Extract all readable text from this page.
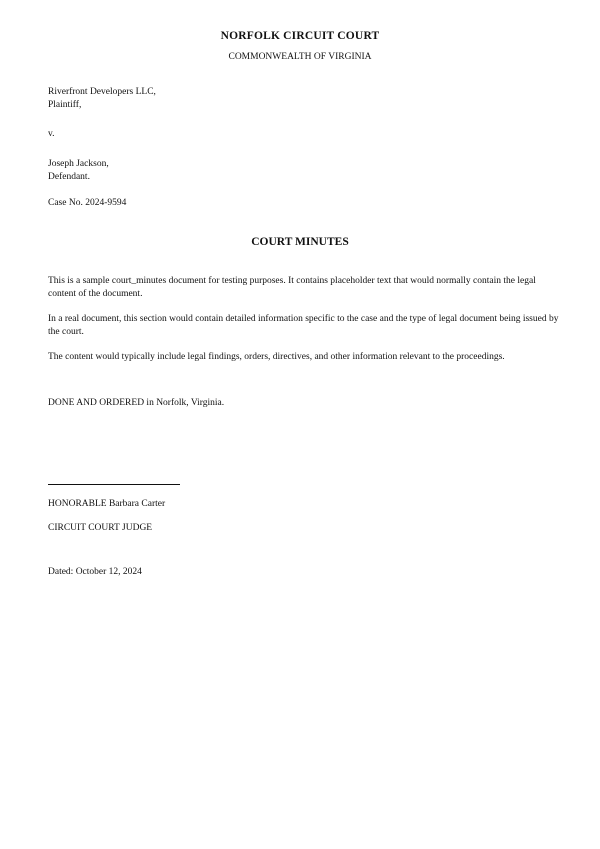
NORFOLK CIRCUIT COURT

COMMONWEALTH OF VIRGINIA

Riverfront Developers LLC,

Plaintiff,

v.

Joseph Jackson,

Defendant.

Case No. 2024-9594

COURT MINUTES

This is a sample court_minutes document for testing purposes. It contains placeholder text that would normally contain the legal content of the document.

In a real document, this section would contain detailed information specific to the case and the type of legal document being issued by the court.

The content would typically include legal findings, orders, directives, and other information relevant to the proceedings.

DONE AND ORDERED in Norfolk, Virginia.

HONORABLE Barbara Carter

CIRCUIT COURT JUDGE

Dated: October 12, 2024
